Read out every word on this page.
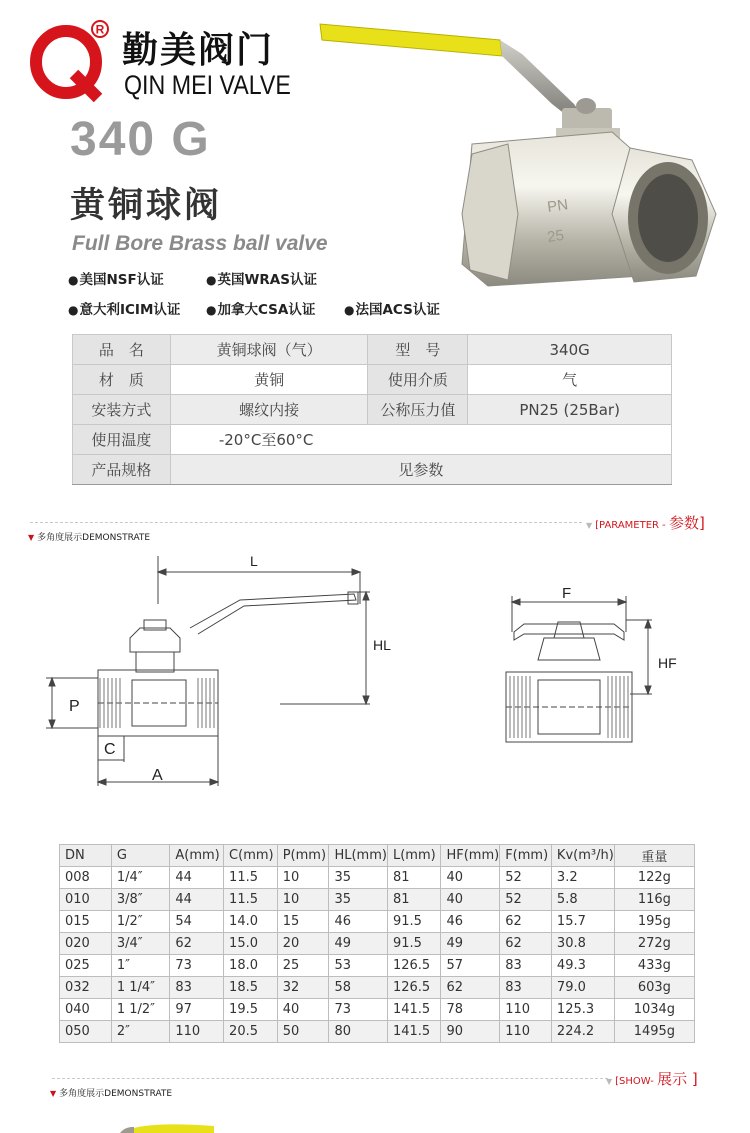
R
勤美阀门
QIN MEI VALVE
340 G
黄铜球阀
Full Bore Brass ball valve
● 美国NSF认证	● 英国WRAS认证
● 意大利ICIM认证	● 加拿大CSA认证	● 法国ACS认证
PN
25
品　名	黄铜球阀（气）	型　号	340G
材　质	黄铜	使用介质	气
安装方式	螺纹内接	公称压力值	PN25 (25Bar)
使用温度	-20°C至60°C		
产品规格	见参数		
▼ [PARAMETER - 参数]
▼ 多角度展示DEMONSTRATE
L
HL
P
C
A
F
HF
DN	G	A(mm)	C(mm)	P(mm)	HL(mm)	L(mm)	HF(mm)	F(mm)	Kv(m³/h)	重量
008	1/4″	44	11.5	10	35	81	40	52	3.2	122g
010	3/8″	44	11.5	10	35	81	40	52	5.8	116g
015	1/2″	54	14.0	15	46	91.5	46	62	15.7	195g
020	3/4″	62	15.0	20	49	91.5	49	62	30.8	272g
025	1″	73	18.0	25	53	126.5	57	83	49.3	433g
032	1 1/4″	83	18.5	32	58	126.5	62	83	79.0	603g
040	1 1/2″	97	19.5	40	73	141.5	78	110	125.3	1034g
050	2″	110	20.5	50	80	141.5	90	110	224.2	1495g
▼ [SHOW- 展示 ]
▼ 多角度展示DEMONSTRATE
